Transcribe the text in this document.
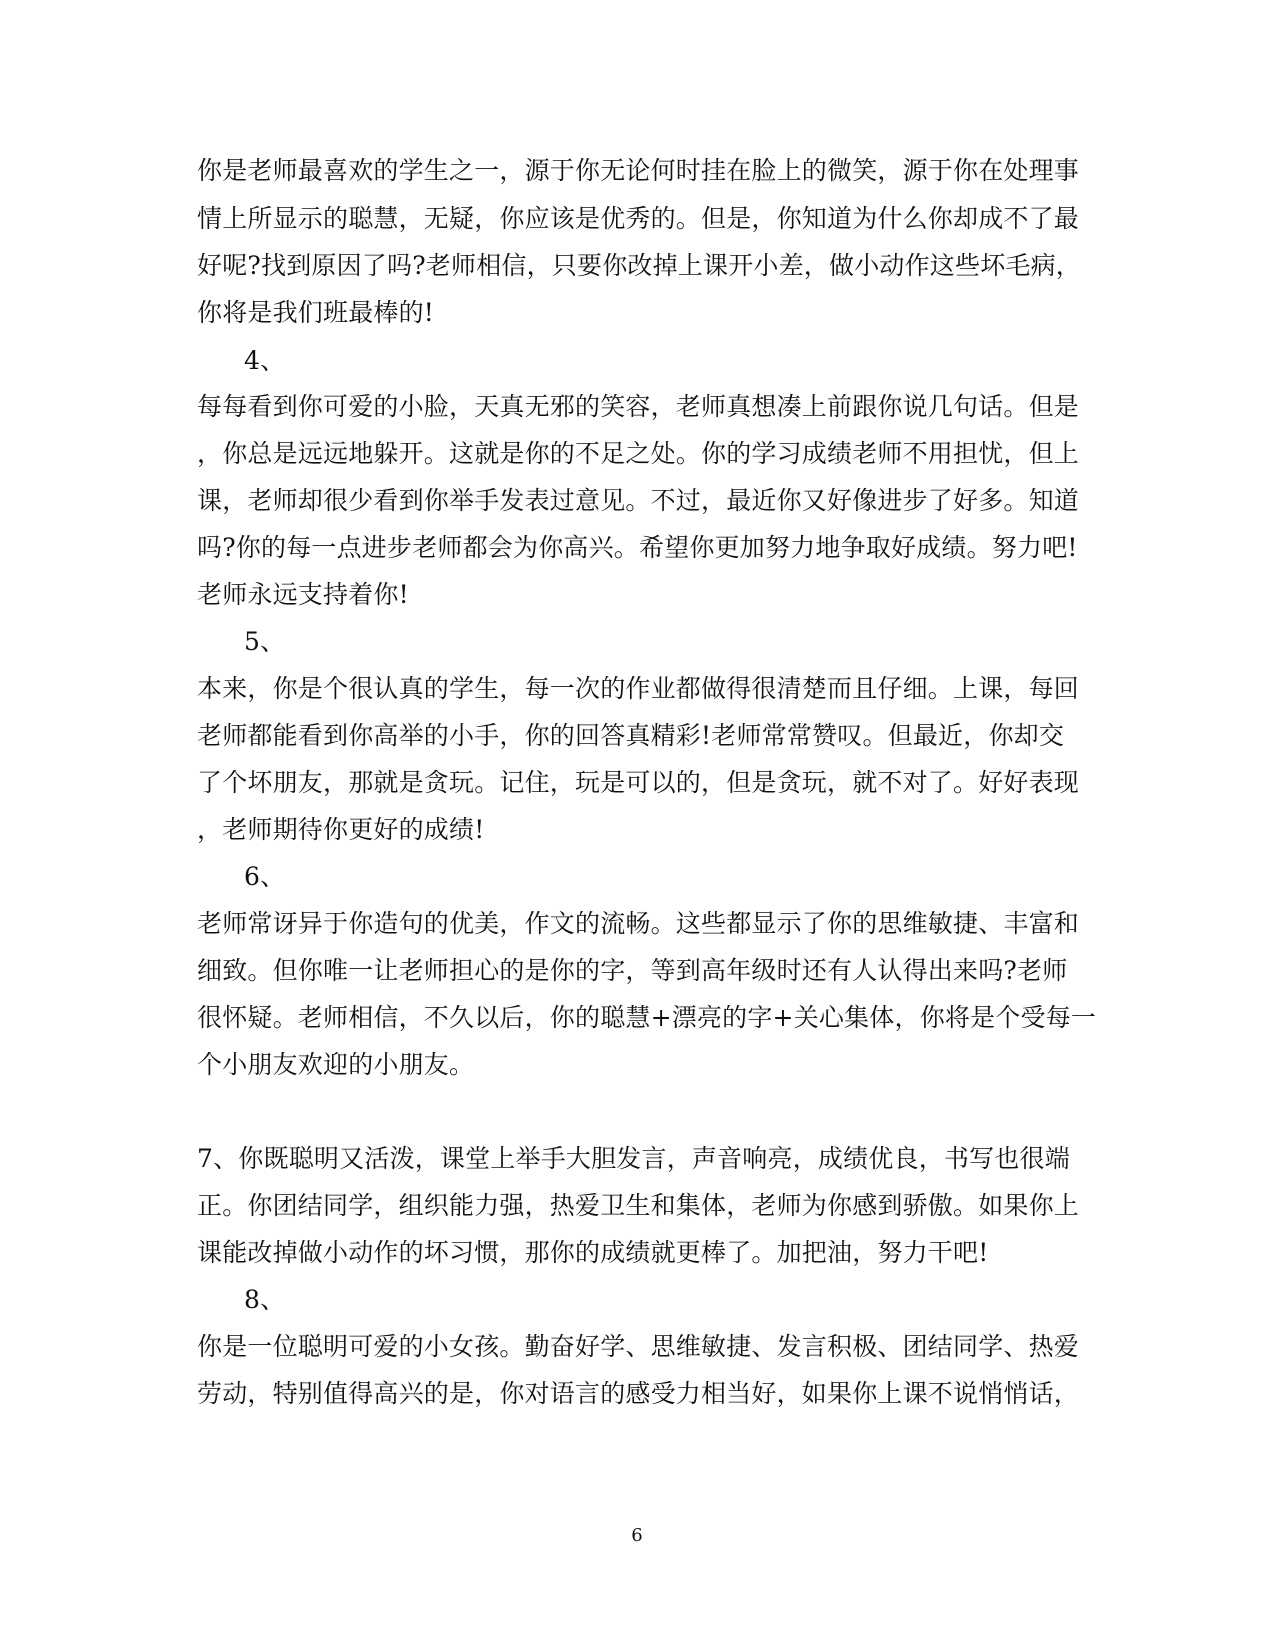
你是老师最喜欢的学生之一，源于你无论何时挂在脸上的微笑，源于你在处理事
情上所显示的聪慧，无疑，你应该是优秀的。但是，你知道为什么你却成不了最
好呢?找到原因了吗?老师相信，只要你改掉上课开小差，做小动作这些坏毛病，
你将是我们班最棒的!
4、
每每看到你可爱的小脸，天真无邪的笑容，老师真想凑上前跟你说几句话。但是
，你总是远远地躲开。这就是你的不足之处。你的学习成绩老师不用担忧，但上
课，老师却很少看到你举手发表过意见。不过，最近你又好像进步了好多。知道
吗?你的每一点进步老师都会为你高兴。希望你更加努力地争取好成绩。努力吧!
老师永远支持着你!
5、
本来，你是个很认真的学生，每一次的作业都做得很清楚而且仔细。上课，每回
老师都能看到你高举的小手，你的回答真精彩!老师常常赞叹。但最近，你却交
了个坏朋友，那就是贪玩。记住，玩是可以的，但是贪玩，就不对了。好好表现
，老师期待你更好的成绩!
6、
老师常讶异于你造句的优美，作文的流畅。这些都显示了你的思维敏捷、丰富和
细致。但你唯一让老师担心的是你的字，等到高年级时还有人认得出来吗?老师
很怀疑。老师相信，不久以后，你的聪慧+漂亮的字+关心集体，你将是个受每一
个小朋友欢迎的小朋友。
7、你既聪明又活泼，课堂上举手大胆发言，声音响亮，成绩优良，书写也很端
正。你团结同学，组织能力强，热爱卫生和集体，老师为你感到骄傲。如果你上
课能改掉做小动作的坏习惯，那你的成绩就更棒了。加把油，努力干吧!
8、
你是一位聪明可爱的小女孩。勤奋好学、思维敏捷、发言积极、团结同学、热爱
劳动，特别值得高兴的是，你对语言的感受力相当好，如果你上课不说悄悄话，
6
